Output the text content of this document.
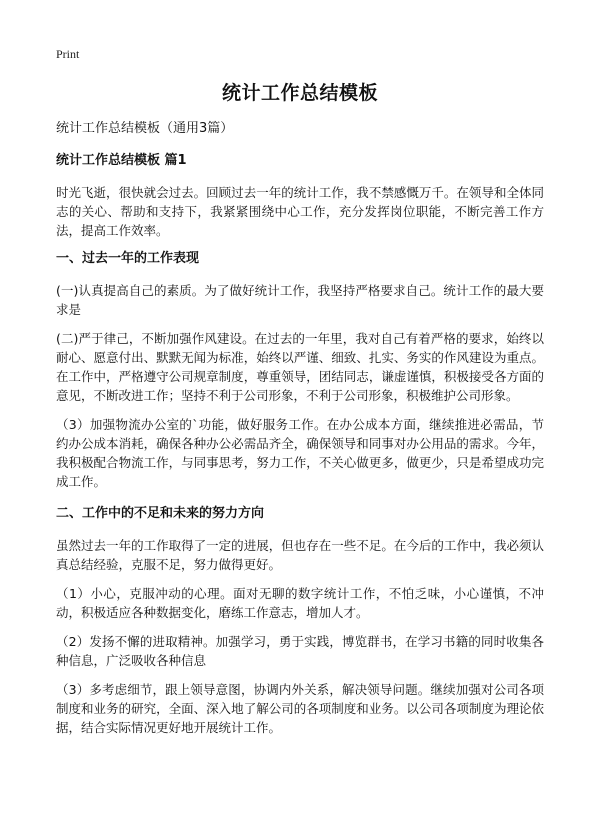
Print
统计工作总结模板

统计工作总结模板（通用3篇）

统计工作总结模板 篇1

时光飞逝，很快就会过去。回顾过去一年的统计工作，我不禁感慨万千。在领导和全体同志的关心、帮助和支持下，我紧紧围绕中心工作，充分发挥岗位职能，不断完善工作方法，提高工作效率。

一、过去一年的工作表现

(一)认真提高自己的素质。为了做好统计工作，我坚持严格要求自己。统计工作的最大要求是

(二)严于律己，不断加强作风建设。在过去的一年里，我对自己有着严格的要求，始终以耐心、愿意付出、默默无闻为标准，始终以严谨、细致、扎实、务实的作风建设为重点。在工作中，严格遵守公司规章制度，尊重领导，团结同志，谦虚谨慎，积极接受各方面的意见，不断改进工作；坚持不利于公司形象，不利于公司形象，积极维护公司形象。

（3）加强物流办公室的`功能，做好服务工作。在办公成本方面，继续推进必需品，节约办公成本消耗，确保各种办公必需品齐全，确保领导和同事对办公用品的需求。今年，我积极配合物流工作，与同事思考，努力工作，不关心做更多，做更少，只是希望成功完成工作。

二、工作中的不足和未来的努力方向

虽然过去一年的工作取得了一定的进展，但也存在一些不足。在今后的工作中，我必须认真总结经验，克服不足，努力做得更好。

（1）小心，克服冲动的心理。面对无聊的数字统计工作，不怕乏味，小心谨慎，不冲动，积极适应各种数据变化，磨练工作意志，增加人才。

（2）发扬不懈的进取精神。加强学习，勇于实践，博览群书，在学习书籍的同时收集各种信息，广泛吸收各种信息

（3）多考虑细节，跟上领导意图，协调内外关系，解决领导问题。继续加强对公司各项制度和业务的研究，全面、深入地了解公司的各项制度和业务。以公司各项制度为理论依据，结合实际情况更好地开展统计工作。
